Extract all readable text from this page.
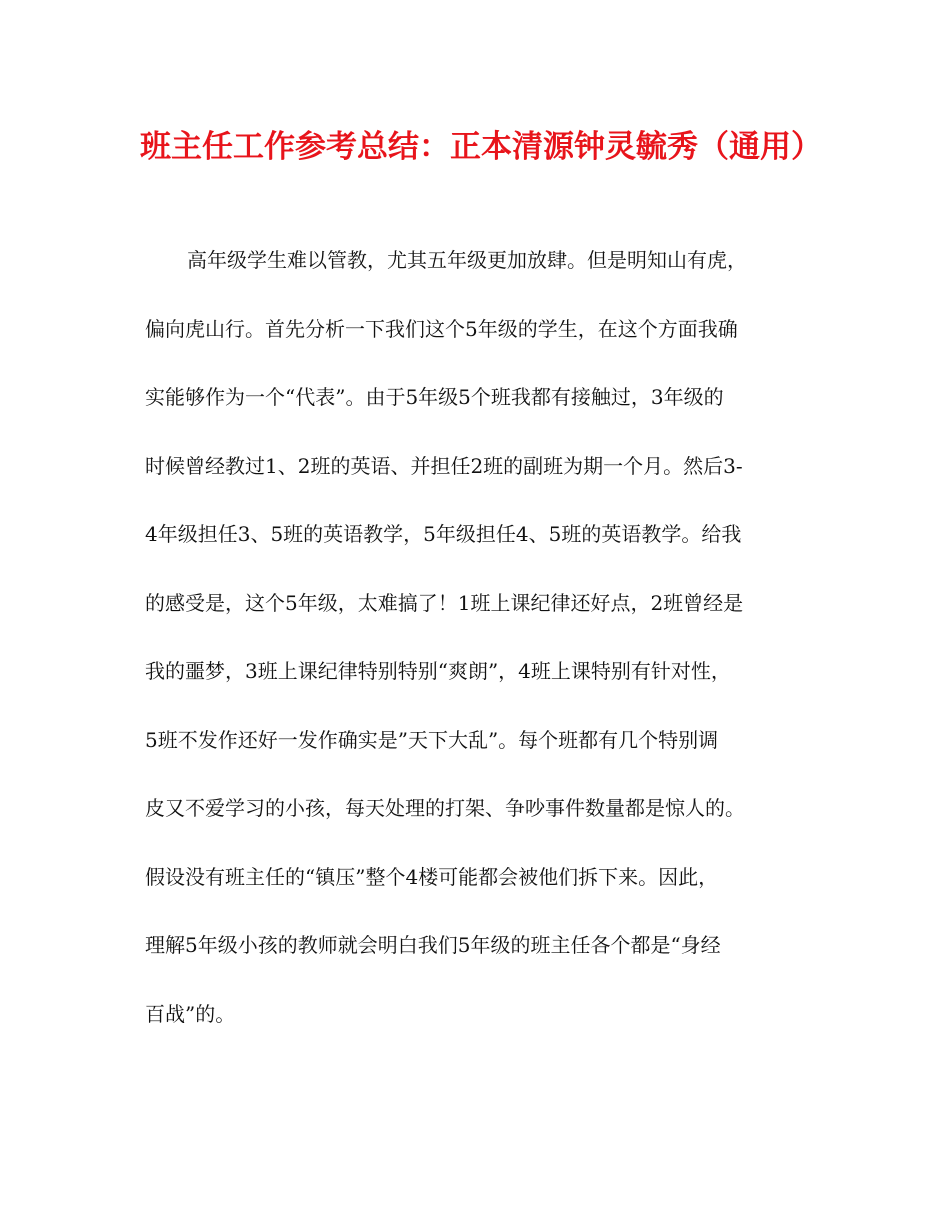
班主任工作参考总结：正本清源钟灵毓秀（通用）
高年级学生难以管教，尤其五年级更加放肆。但是明知山有虎，
偏向虎山行。首先分析一下我们这个5年级的学生，在这个方面我确
实能够作为一个“代表”。由于5年级5个班我都有接触过，3年级的
时候曾经教过1、2班的英语、并担任2班的副班为期一个月。然后3-
4年级担任3、5班的英语教学，5年级担任4、5班的英语教学。给我
的感受是，这个5年级，太难搞了！1班上课纪律还好点，2班曾经是
我的噩梦，3班上课纪律特别特别“爽朗”，4班上课特别有针对性，
5班不发作还好一发作确实是”天下大乱”。每个班都有几个特别调
皮又不爱学习的小孩，每天处理的打架、争吵事件数量都是惊人的。
假设没有班主任的“镇压”整个4楼可能都会被他们拆下来。因此，
理解5年级小孩的教师就会明白我们5年级的班主任各个都是“身经
百战”的。
